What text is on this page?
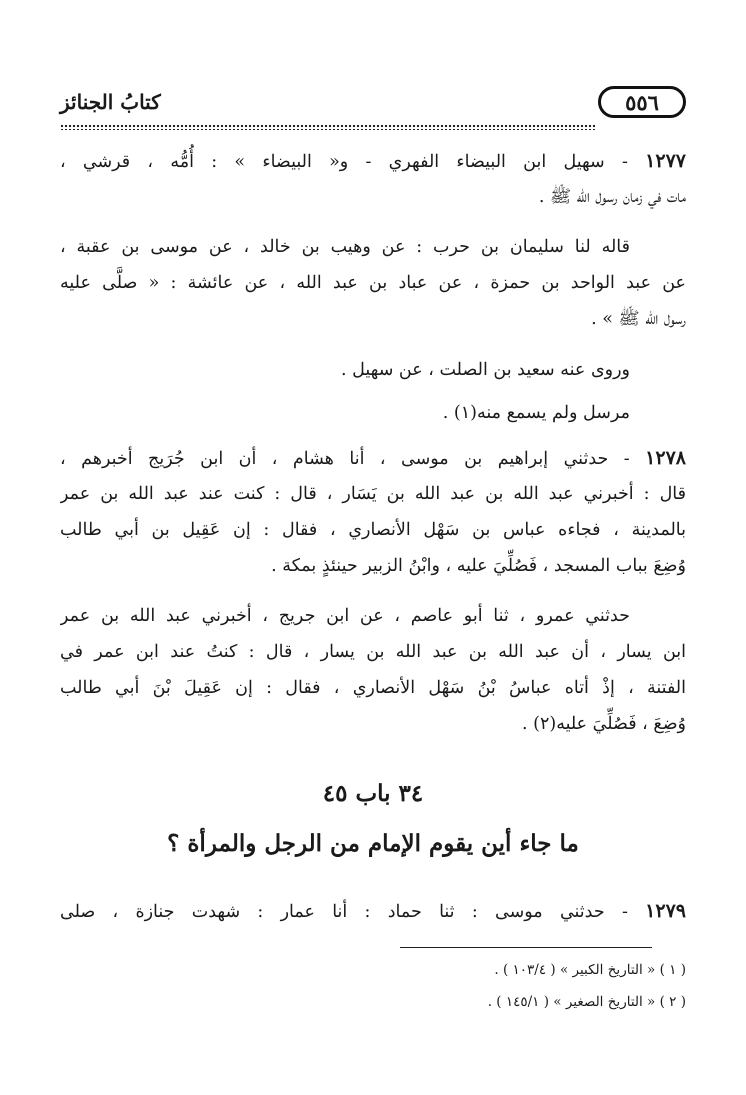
٥٥٦
كتابُ الجنائز
١٢٧٧ - سهيل ابن البيضاء الفهري - و« البيضاء » : أُمُّه ، قرشي ،
مات في زمان رسول الله ﷺ .
قاله لنا سليمان بن حرب : عن وهيب بن خالد ، عن موسى بن عقبة ،
عن عبد الواحد بن حمزة ، عن عباد بن عبد الله ، عن عائشة : « صلَّى عليه
رسول الله ﷺ » .
وروى عنه سعيد بن الصلت ، عن سهيل .
مرسل ولم يسمع منه(١) .
١٢٧٨ - حدثني إبراهيم بن موسى ، أنا هشام ، أن ابن جُرَيج أخبرهم ،
قال : أخبرني عبد الله بن عبد الله بن يَسَار ، قال : كنت عند عبد الله بن عمر
بالمدينة ، فجاءه عباس بن سَهْل الأنصاري ، فقال : إن عَقِيل بن أبي طالب
وُضِعَ بباب المسجد ، فَصُلِّيَ عليه ، وابْنُ الزبير حينئذٍ بمكة .
حدثني عمرو ، ثنا أبو عاصم ، عن ابن جريج ، أخبرني عبد الله بن عمر
ابن يسار ، أن عبد الله بن عبد الله بن يسار ، قال : كنتُ عند ابن عمر في
الفتنة ، إذْ أتاه عباسُ بْنُ سَهْل الأنصاري ، فقال : إن عَقِيلَ بْنَ أبي طالب
وُضِعَ ، فَصُلِّيَ عليه(٢) .
٣٤ باب ٤٥
ما جاء أين يقوم الإمام من الرجل والمرأة ؟
١٢٧٩ - حدثني موسى : ثنا حماد : أنا عمار : شهدت جنازة ، صلى
( ١ ) « التاريخ الكبير » ( ١٠٣/٤ ) .
( ٢ ) « التاريخ الصغير » ( ١٤٥/١ ) .
